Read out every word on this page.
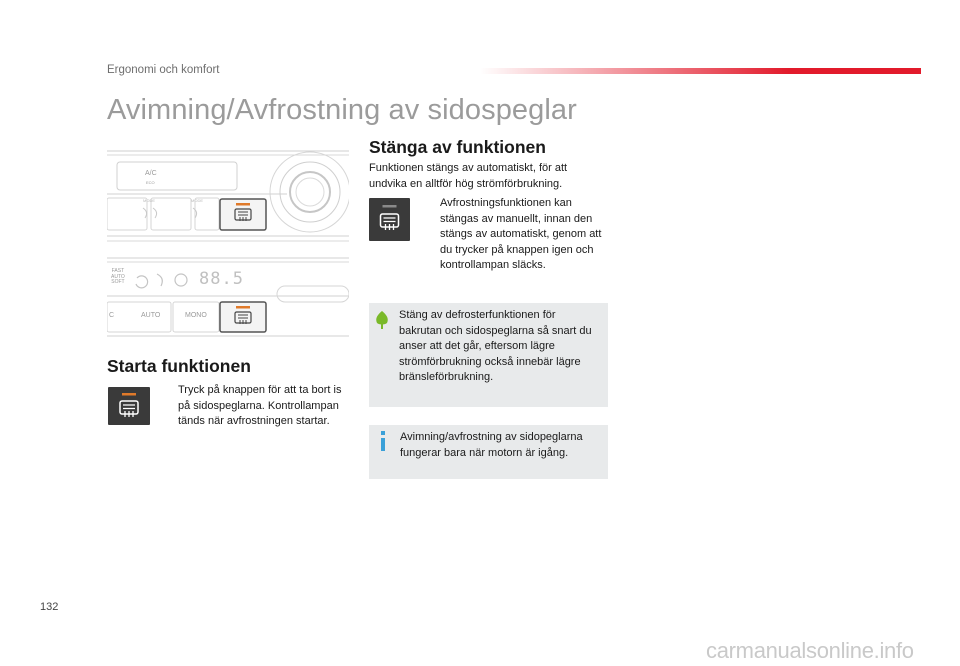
Ergonomi och komfort
Avimning/Avfrostning av sidospeglar
MODE	MODE
A/C
ECO
FAST
AUTO
SOFT	88.5
C	AUTO	MONO
Starta funktionen
Tryck på knappen för att ta bort is på sidospeglarna. Kontrollampan tänds när avfrostningen startar.
Stänga av funktionen
Funktionen stängs av automatiskt, för att undvika en alltför hög strömförbrukning.
Avfrostningsfunktionen kan stängas av manuellt, innan den stängs av automatiskt, genom att du trycker på knappen igen och kontrollampan släcks.
Stäng av defrosterfunktionen för bakrutan och sidospeglarna så snart du anser att det går, eftersom lägre strömförbrukning också innebär lägre bränsleförbrukning.
Avimning/avfrostning av sidopeglarna fungerar bara när motorn är igång.
132
carmanualsonline.info
